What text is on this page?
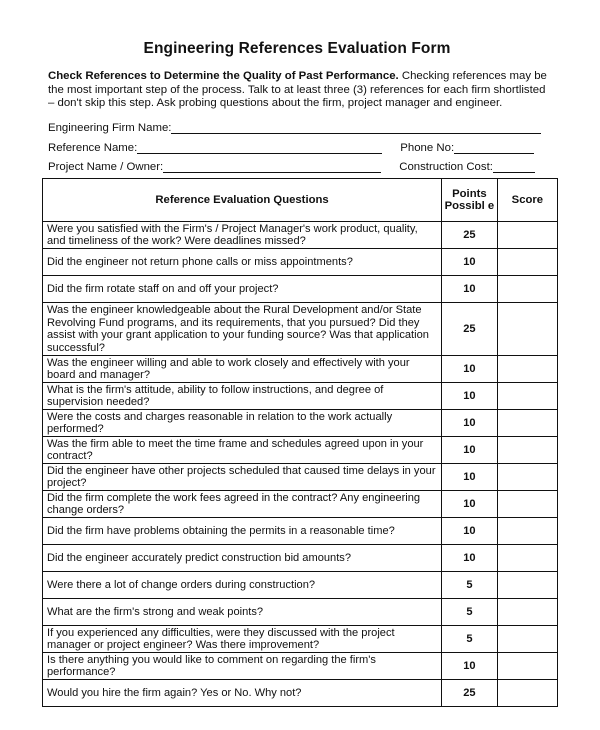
Engineering References Evaluation Form

Check References to Determine the Quality of Past Performance. Checking references may be the most important step of the process. Talk to at least three (3) references for each firm shortlisted – don't skip this step. Ask probing questions about the firm, project manager and engineer.

Engineering Firm Name:
Reference Name:	Phone No:
Project Name / Owner:	Construction Cost:
Reference Evaluation Questions	Points Possibl e	Score
Were you satisfied with the Firm's / Project Manager's work product, quality, and timeliness of the work? Were deadlines missed?	25	
Did the engineer not return phone calls or miss appointments?	10	
Did the firm rotate staff on and off your project?	10	
Was the engineer knowledgeable about the Rural Development and/or State Revolving Fund programs, and its requirements, that you pursued? Did they assist with your grant application to your funding source? Was that application successful?	25	
Was the engineer willing and able to work closely and effectively with your board and manager?	10	
What is the firm's attitude, ability to follow instructions, and degree of supervision needed?	10	
Were the costs and charges reasonable in relation to the work actually performed?	10	
Was the firm able to meet the time frame and schedules agreed upon in your contract?	10	
Did the engineer have other projects scheduled that caused time delays in your project?	10	
Did the firm complete the work fees agreed in the contract? Any engineering change orders?	10	
Did the firm have problems obtaining the permits in a reasonable time?	10	
Did the engineer accurately predict construction bid amounts?	10	
Were there a lot of change orders during construction?	5	
What are the firm's strong and weak points?	5	
If you experienced any difficulties, were they discussed with the project manager or project engineer? Was there improvement?	5	
Is there anything you would like to comment on regarding the firm's performance?	10	
Would you hire the firm again? Yes or No. Why not?	25	
